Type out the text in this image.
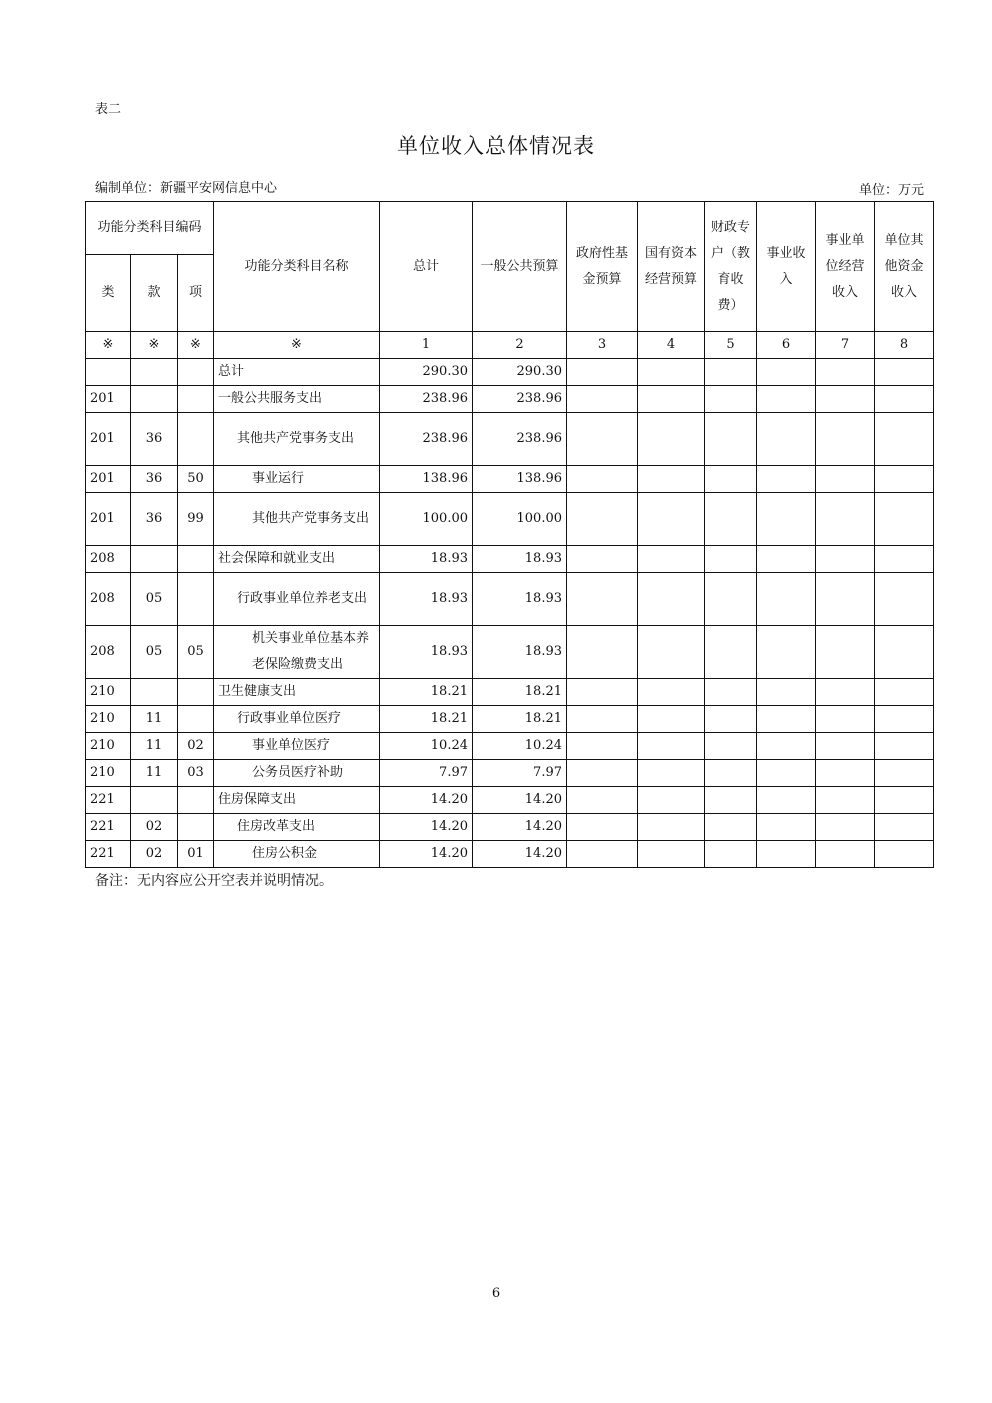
表二
单位收入总体情况表
编制单位：新疆平安网信息中心	单位：万元
功能分类科目编码			功能分类科目名称	总计	一般公共预算	政府性基金预算	国有资本经营预算	财政专户（教育收费）	事业收入	事业单位经营收入	单位其他资金收入
类	款	项									
※	※	※	※	1	2	3	4	5	6	7	8
			总计	290.30	290.30						
201			一般公共服务支出	238.96	238.96						
201	36		其他共产党事务支出	238.96	238.96						
201	36	50	事业运行	138.96	138.96						
201	36	99	其他共产党事务支出	100.00	100.00						
208			社会保障和就业支出	18.93	18.93						
208	05		行政事业单位养老支出	18.93	18.93						
208	05	05	机关事业单位基本养老保险缴费支出	18.93	18.93						
210			卫生健康支出	18.21	18.21						
210	11		行政事业单位医疗	18.21	18.21						
210	11	02	事业单位医疗	10.24	10.24						
210	11	03	公务员医疗补助	7.97	7.97						
221			住房保障支出	14.20	14.20						
221	02		住房改革支出	14.20	14.20						
221	02	01	住房公积金	14.20	14.20						
备注：无内容应公开空表并说明情况。
6
